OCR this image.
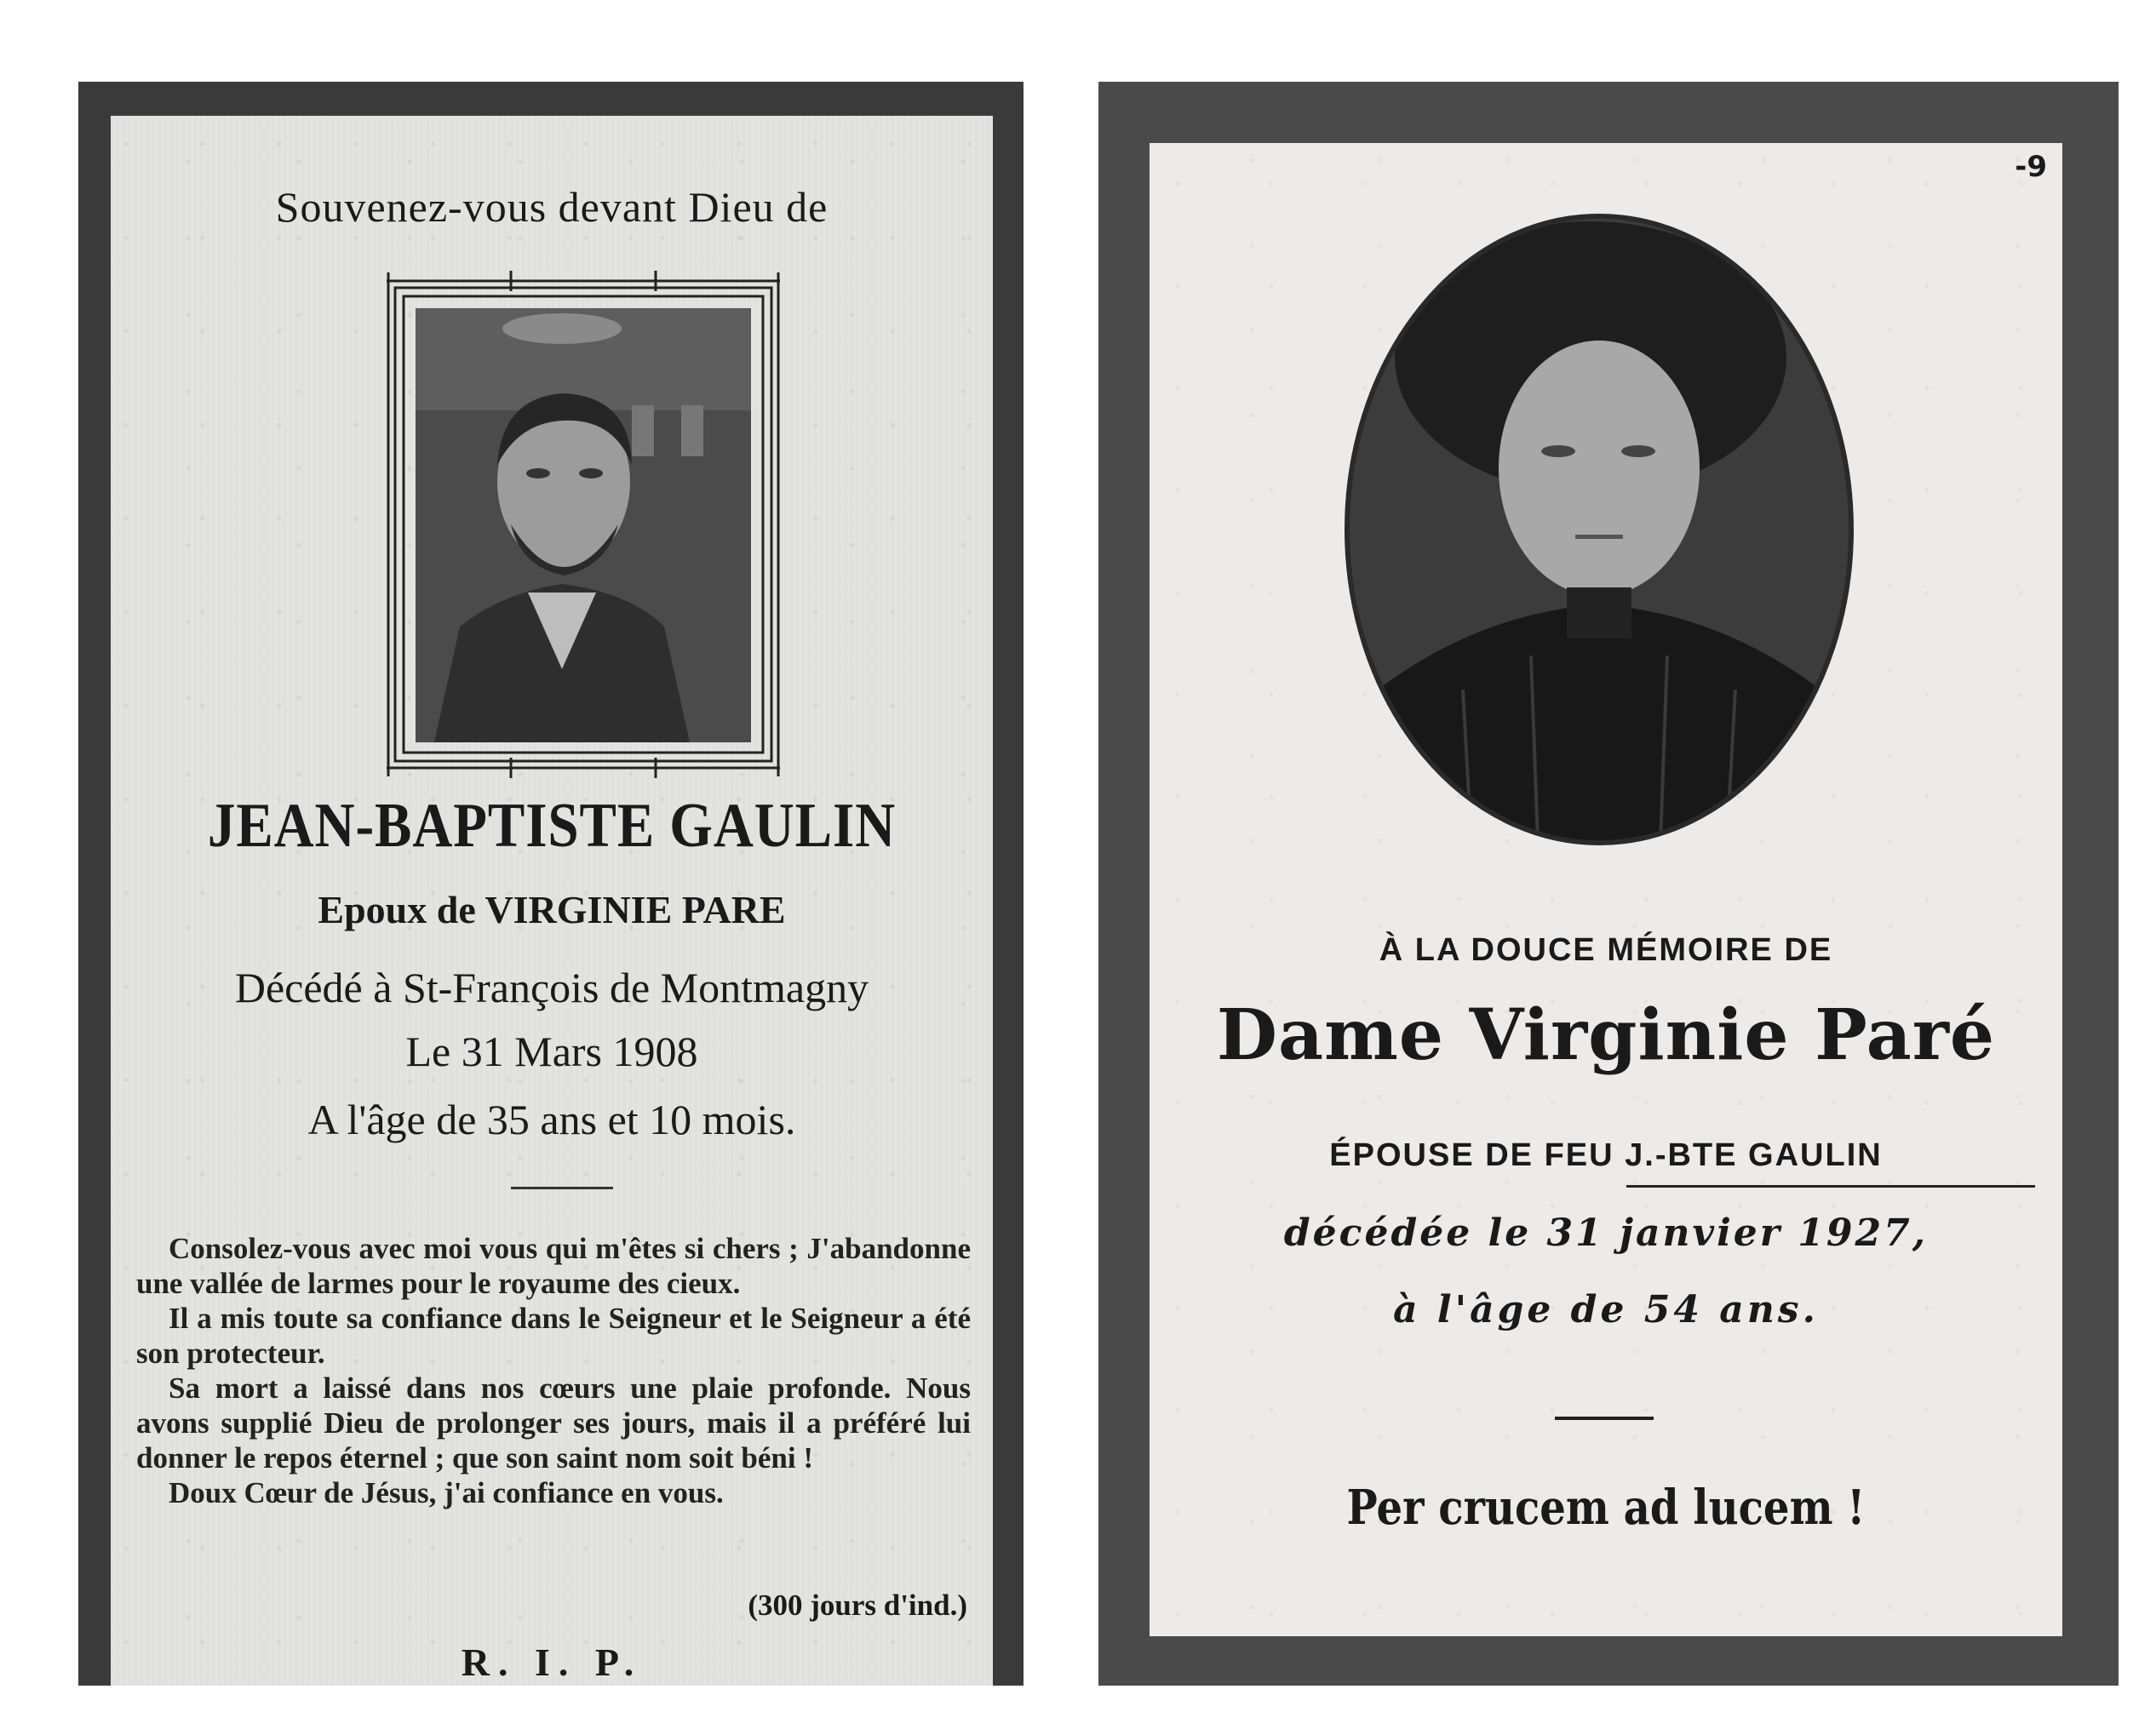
Souvenez-vous devant Dieu de
JEAN-BAPTISTE GAULIN
Epoux de VIRGINIE PARE
Décédé à St-François de Montmagny
Le 31 Mars 1908
A l'âge de 35 ans et 10 mois.

Consolez-vous avec moi vous qui m'êtes si chers ; J'abandonne une vallée de larmes pour le royaume des cieux.

Il a mis toute sa confiance dans le Seigneur et le Seigneur a été son protecteur.

Sa mort a laissé dans nos cœurs une plaie profonde. Nous avons supplié Dieu de prolonger ses jours, mais il a préféré lui donner le repos éternel ; que son saint nom soit béni !

Doux Cœur de Jésus, j'ai confiance en vous.

(300 jours d'ind.)
R. I. P.
-9
À LA DOUCE MÉMOIRE DE
Dame Virginie Paré
ÉPOUSE DE FEU J.-BTE GAULIN
décédée le 31 janvier 1927,
à l'âge de 54 ans.
Per crucem ad lucem !
